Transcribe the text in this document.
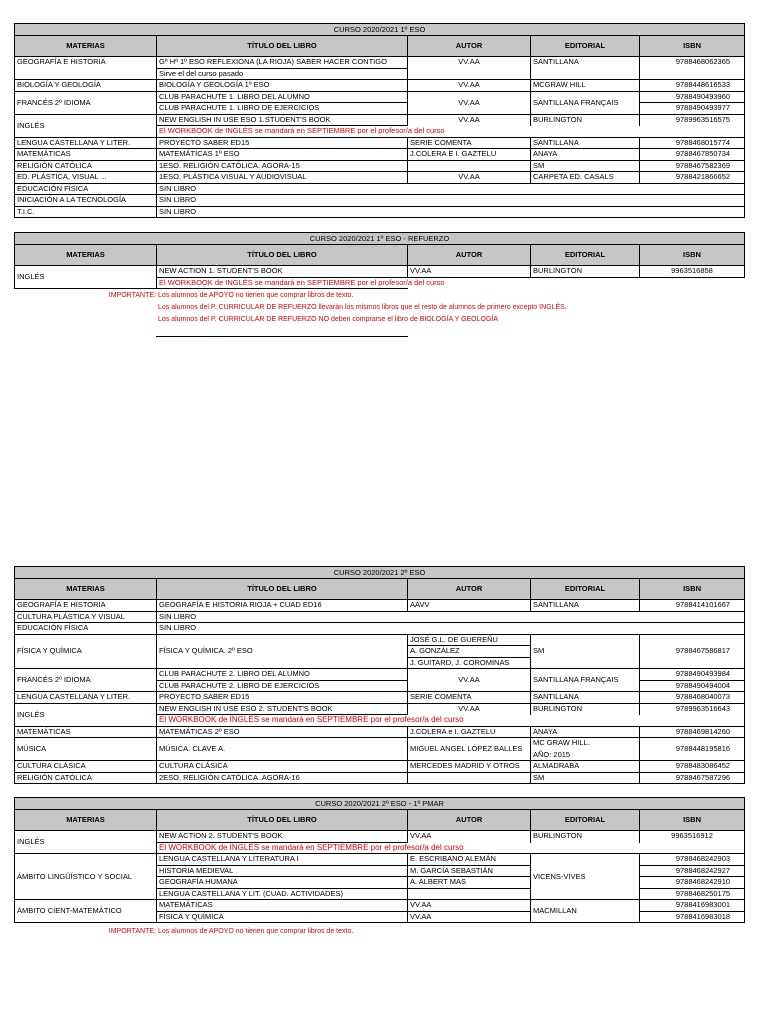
CURSO 2020/2021 1º ESO				
MATERIAS	TÍTULO DEL LIBRO	AUTOR	EDITORIAL	ISBN
GEOGRAFÍA E HISTORIA	Gª Hª 1º ESO REFLEXIONA (LA RIOJA) SABER HACER CONTIGO	VV.AA	SANTILLANA	9788468062365
	Sirve el del curso pasado			
BIOLOGÍA Y GEOLOGÍA	BIOLOGÍA Y GEOLOGÍA 1º ESO	VV.AA	MCGRAW HILL	9788448616533
FRANCÉS 2º IDIOMA	CLUB PARACHUTE 1. LIBRO DEL ALUMNO	VV.AA	SANTILLANA FRANÇAIS	9788490493960
	CLUB PARACHUTE 1. LIBRO DE EJERCICIOS			9788490493977
INGLÉS	NEW ENGLISH IN USE ESO 1.STUDENT'S BOOK	VV.AA	BURLINGTON	9789963516575
	El WORKBOOK de INGLÉS se mandará en SEPTIEMBRE por el profesor/a del curso			
LENGUA CASTELLANA Y LITER.	PROYECTO SABER ED15	SERIE COMENTA	SANTILLANA	9788468015774
MATEMÁTICAS	MATEMÁTICAS 1º ESO	J.COLERA E I. GAZTELU	ANAYA	9788467850734
RELIGIÓN CATÓLICA	1ESO. RELIGIÓN CATÓLICA. AGORA-15		SM	9788467582369
ED. PLÁSTICA, VISUAL ...	1ESO. PLÁSTICA VISUAL Y AUDIOVISUAL	VV.AA	CARPETA ED. CASALS	9788421866652
EDUCACIÓN FÍSICA	SIN LIBRO			
INICIACIÓN A LA TECNOLOGÍA	SIN LIBRO			
T.I.C.	SIN LIBRO			
CURSO 2020/2021 1º ESO - REFUERZO				
MATERIAS	TÍTULO DEL LIBRO	AUTOR	EDITORIAL	ISBN
INGLÉS	NEW ACTION 1. STUDENT'S BOOK	VV.AA	BURLINGTON	9963516858
	El WORKBOOK de INGLÉS se mandará en SEPTIEMBRE por el profesor/a del curso			
IMPORTANTE: Los alumnos de APOYO no tienen que comprar libros de texto.
Los alumnos del P. CURRICULAR DE REFUERZO llevarán los mismos libros que el resto de alumnos de primero excepto INGLÉS.
Los alumnos del P. CURRICULAR DE REFUERZO NO deben comprarse el libro de BIOLOGÍA Y GEOLOGÍA
CURSO 2020/2021 2º ESO				
MATERIAS	TÍTULO DEL LIBRO	AUTOR	EDITORIAL	ISBN
GEOGRAFÍA E HISTORIA	GEOGRAFÍA E HISTORIA RIOJA + CUAD ED16	AAVV	SANTILLANA	9788414101667
CULTURA PLÁSTICA Y VISUAL	SIN LIBRO			
EDUCACIÓN FÍSICA	SIN LIBRO			
FÍSICA Y QUÍMICA	FÍSICA Y QUÍMICA. 2º ESO	JOSÉ G.L. DE GUEREÑU	SM	9788467586817
		A. GONZÁLEZ		
		J. GUITARD, J. COROMINAS		
FRANCÉS 2º IDIOMA	CLUB PARACHUTE 2. LIBRO DEL ALUMNO	VV.AA	SANTILLANA FRANÇAIS	9788490493984
	CLUB PARACHUTE 2. LIBRO DE EJERCICIOS			9788490494004
LENGUA CASTELLANA Y LITER.	PROYECTO SABER ED15	SERIE COMENTA	SANTILLANA	9788468040073
INGLÉS	NEW ENGLISH IN USE ESO 2. STUDENT'S BOOK	VV.AA	BURLINGTON	9789963516643
	El WORKBOOK de INGLÉS se mandará en SEPTIEMBRE por el profesor/a del curso			
MATEMÁTICAS	MATEMÁTICAS 2º ESO	J.COLERA e I. GAZTELU	ANAYA	9788469814260
MÚSICA	MÚSICA. CLAVE A.	MIGUEL ANGEL LÓPEZ BALLES	MC GRAW HILL.	9788448195816
			AÑO: 2015	
CULTURA CLÁSICA	CULTURA CLÁSICA	MERCEDES MADRID Y OTROS	ALMADRABA	9788483086452
RELIGIÓN CATÓLICA	2ESO. RELIGIÓN CATÓLICA .AGORA-16		SM	9788467587296
CURSO 2020/2021 2º ESO - 1º PMAR				
MATERIAS	TÍTULO DEL LIBRO	AUTOR	EDITORIAL	ISBN
INGLÉS	NEW ACTION 2. STUDENT'S BOOK	VV.AA	BURLINGTON	9963516912
	El WORKBOOK de INGLÉS se mandará en SEPTIEMBRE por el profesor/a del curso			
ÁMBITO LINGÜÍSTICO Y SOCIAL	LENGUA CASTELLANA Y LITERATURA I	E. ESCRIBANO ALEMÁN	VICENS-VIVES	9788468242903
	HISTORIA MEDIEVAL	M. GARCÍA SEBASTIÁN		9788468242927
	GEOGRAFÍA HUMANA	A. ALBERT MAS		9788468242910
	LENGUA CASTELLANA Y LIT. (CUAD. ACTIVIDADES)			9788468250175
ÁMBITO CIENT-MATEMÁTICO	MATEMÁTICAS	VV.AA	MACMILLAN	9788416983001
	FÍSICA Y QUÍMICA	VV.AA		9788416983018
IMPORTANTE: Los alumnos de APOYO no tienen que comprar libros de texto.
